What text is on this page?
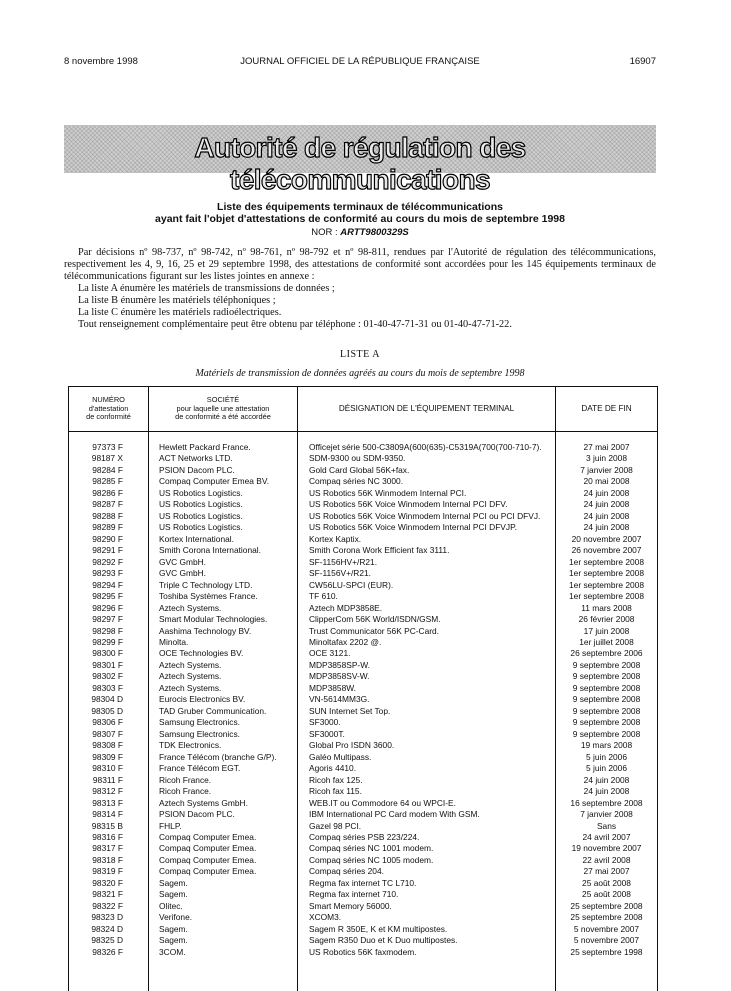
8 novembre 1998	JOURNAL OFFICIEL DE LA RÉPUBLIQUE FRANÇAISE	16907
Autorité de régulation des télécommunications
Liste des équipements terminaux de télécommunications
ayant fait l'objet d'attestations de conformité au cours du mois de septembre 1998
NOR : ARTT9800329S

Par décisions nº 98-737, nº 98-742, nº 98-761, nº 98-792 et nº 98-811, rendues par l'Autorité de régulation des télécommunications, respectivement les 4, 9, 16, 25 et 29 septembre 1998, des attestations de conformité sont accordées pour les 145 équipements terminaux de télécommunications figurant sur les listes jointes en annexe :

La liste A énumère les matériels de transmissions de données ;

La liste B énumère les matériels téléphoniques ;

La liste C énumère les matériels radioélectriques.

Tout renseignement complémentaire peut être obtenu par téléphone : 01-40-47-71-31 ou 01-40-47-71-22.

LISTE A
Matériels de transmission de données agréés au cours du mois de septembre 1998
NUMÉRO
d'attestation
de conformité
SOCIÉTÉ
pour laquelle une attestation
de conformité a été accordée
DÉSIGNATION DE L'ÉQUIPEMENT TERMINAL	DATE DE FIN
97373 F	Hewlett Packard France.	Officejet série 500-C3809A(600(635)-C5319A(700(700-710-7).	27 mai 2007
98187 X	ACT Networks LTD.	SDM-9300 ou SDM-9350.	3 juin 2008
98284 F	PSION Dacom PLC.	Gold Card Global 56K+fax.	7 janvier 2008
98285 F	Compaq Computer Emea BV.	Compaq séries NC 3000.	20 mai 2008
98286 F	US Robotics Logistics.	US Robotics 56K Winmodem Internal PCI.	24 juin 2008
98287 F	US Robotics Logistics.	US Robotics 56K Voice Winmodem Internal PCI DFV.	24 juin 2008
98288 F	US Robotics Logistics.	US Robotics 56K Voice Winmodem Internal PCI ou PCI DFVJ.	24 juin 2008
98289 F	US Robotics Logistics.	US Robotics 56K Voice Winmodem Internal PCI DFVJP.	24 juin 2008
98290 F	Kortex International.	Kortex Kaptix.	20 novembre 2007
98291 F	Smith Corona International.	Smith Corona Work Efficient fax 3111.	26 novembre 2007
98292 F	GVC GmbH.	SF-1156HV+/R21.	1er septembre 2008
98293 F	GVC GmbH.	SF-1156V+/R21.	1er septembre 2008
98294 F	Triple C Technology LTD.	CW56LU-SPCI (EUR).	1er septembre 2008
98295 F	Toshiba Systèmes France.	TF 610.	1er septembre 2008
98296 F	Aztech Systems.	Aztech MDP3858E.	11 mars 2008
98297 F	Smart Modular Technologies.	ClipperCom 56K World/ISDN/GSM.	26 février 2008
98298 F	Aashima Technology BV.	Trust Communicator 56K PC-Card.	17 juin 2008
98299 F	Minolta.	Minoltafax 2202 @.	1er juillet 2008
98300 F	OCE Technologies BV.	OCE 3121.	26 septembre 2006
98301 F	Aztech Systems.	MDP3858SP-W.	9 septembre 2008
98302 F	Aztech Systems.	MDP3858SV-W.	9 septembre 2008
98303 F	Aztech Systems.	MDP3858W.	9 septembre 2008
98304 D	Eurocis Electronics BV.	VN-5614MM3G.	9 septembre 2008
98305 D	TAD Gruber Communication.	SUN Internet Set Top.	9 septembre 2008
98306 F	Samsung Electronics.	SF3000.	9 septembre 2008
98307 F	Samsung Electronics.	SF3000T.	9 septembre 2008
98308 F	TDK Electronics.	Global Pro ISDN 3600.	19 mars 2008
98309 F	France Télécom (branche G/P).	Galéo Multipass.	5 juin 2006
98310 F	France Télécom EGT.	Agoris 4410.	5 juin 2006
98311 F	Ricoh France.	Ricoh fax 125.	24 juin 2008
98312 F	Ricoh France.	Ricoh fax 115.	24 juin 2008
98313 F	Aztech Systems GmbH.	WEB.IT ou Commodore 64 ou WPCI-E.	16 septembre 2008
98314 F	PSION Dacom PLC.	IBM International PC Card modem With GSM.	7 janvier 2008
98315 B	FHLP.	Gazel 98 PCI.	Sans
98316 F	Compaq Computer Emea.	Compaq séries PSB 223/224.	24 avril 2007
98317 F	Compaq Computer Emea.	Compaq séries NC 1001 modem.	19 novembre 2007
98318 F	Compaq Computer Emea.	Compaq séries NC 1005 modem.	22 avril 2008
98319 F	Compaq Computer Emea.	Compaq séries 204.	27 mai 2007
98320 F	Sagem.	Regma fax internet TC L710.	25 août 2008
98321 F	Sagem.	Regma fax internet 710.	25 août 2008
98322 F	Olitec.	Smart Memory 56000.	25 septembre 2008
98323 D	Verifone.	XCOM3.	25 septembre 2008
98324 D	Sagem.	Sagem R 350E, K et KM multipostes.	5 novembre 2007
98325 D	Sagem.	Sagem R350 Duo et K Duo multipostes.	5 novembre 2007
98326 F	3COM.	US Robotics 56K faxmodem.	25 septembre 1998
